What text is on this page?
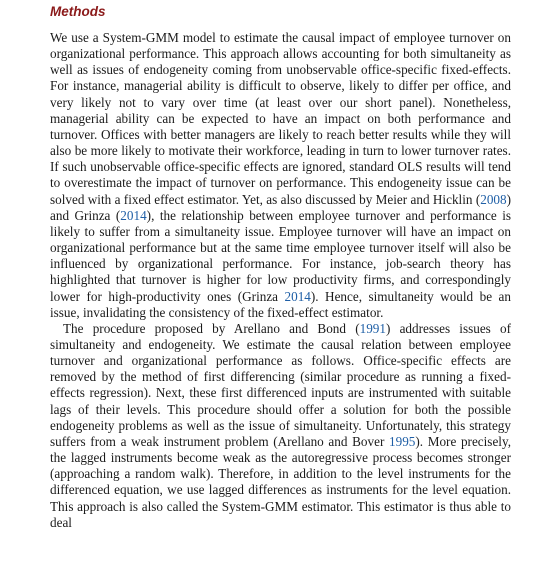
Methods

We use a System-GMM model to estimate the causal impact of employee turnover on organizational performance. This approach allows accounting for both simultaneity as well as issues of endogeneity coming from unobservable office-specific fixed-effects. For instance, managerial ability is difficult to observe, likely to differ per office, and very likely not to vary over time (at least over our short panel). Nonetheless, managerial ability can be expected to have an impact on both performance and turnover. Offices with better managers are likely to reach better results while they will also be more likely to motivate their workforce, leading in turn to lower turnover rates. If such unobservable office-specific effects are ignored, standard OLS results will tend to overestimate the impact of turnover on performance. This endogeneity issue can be solved with a fixed effect estimator. Yet, as also discussed by Meier and Hicklin (2008) and Grinza (2014), the relationship between employee turnover and performance is likely to suffer from a simultaneity issue. Employee turnover will have an impact on organizational performance but at the same time employee turnover itself will also be influenced by organizational performance. For instance, job-search theory has highlighted that turnover is higher for low productivity firms, and correspondingly lower for high-productivity ones (Grinza 2014). Hence, simultaneity would be an issue, invalidating the consistency of the fixed-effect estimator.

The procedure proposed by Arellano and Bond (1991) addresses issues of simultaneity and endogeneity. We estimate the causal relation between employee turnover and organizational performance as follows. Office-specific effects are removed by the method of first differencing (similar procedure as running a fixed-effects regression). Next, these first differenced inputs are instrumented with suitable lags of their levels. This procedure should offer a solution for both the possible endogeneity problems as well as the issue of simultaneity. Unfortunately, this strategy suffers from a weak instrument problem (Arellano and Bover 1995). More precisely, the lagged instruments become weak as the autoregressive process becomes stronger (approaching a random walk). Therefore, in addition to the level instruments for the differenced equation, we use lagged differences as instruments for the level equation. This approach is also called the System-GMM estimator. This estimator is thus able to deal
